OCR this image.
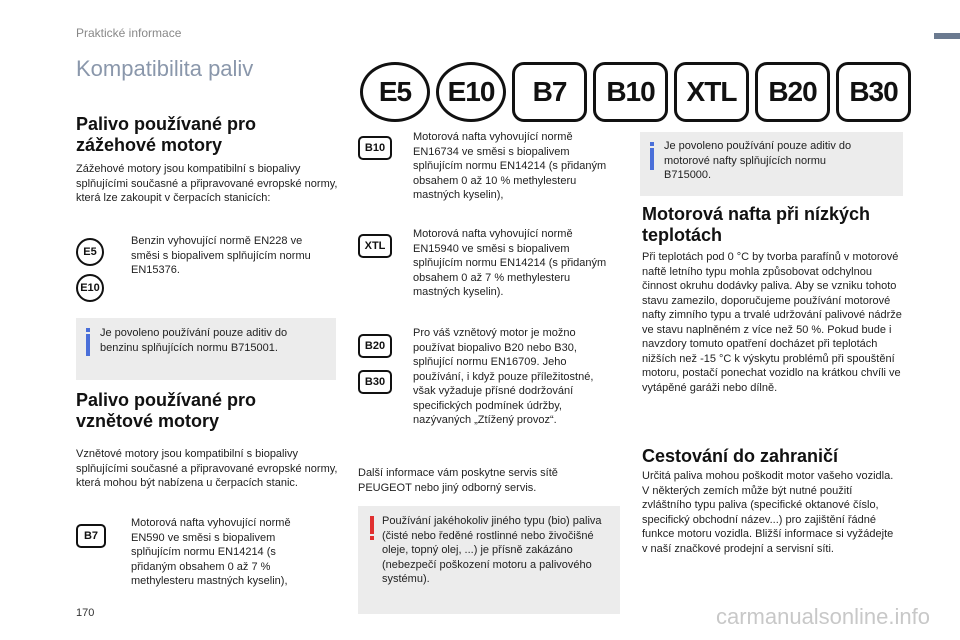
Praktické informace
Kompatibilita paliv
E5	E10	B7	B10	XTL	B20	B30
Palivo používané pro
zážehové motory
Zážehové motory jsou kompatibilní s biopalivy splňujícími současné a připravované evropské normy, která lze zakoupit v čerpacích stanicích:
E5
E10
Benzin vyhovující normě EN228 ve směsi s biopalivem splňujícím normu EN15376.
Je povoleno používání pouze aditiv do benzinu splňujících normu B715001.
Palivo používané pro
vznětové motory
Vznětové motory jsou kompatibilní s biopalivy splňujícími současné a připravované evropské normy, která mohou být nabízena u čerpacích stanic.
B7
Motorová nafta vyhovující normě EN590 ve směsi s biopalivem splňujícím normu EN14214 (s přidaným obsahem 0 až 7 % methylesteru mastných kyselin),
B10
Motorová nafta vyhovující normě EN16734 ve směsi s biopalivem splňujícím normu EN14214 (s přidaným obsahem 0 až 10 % methylesteru mastných kyselin),
XTL
Motorová nafta vyhovující normě EN15940 ve směsi s biopalivem splňujícím normu EN14214 (s přidaným obsahem 0 až 7 % methylesteru mastných kyselin).
B20
B30
Pro váš vznětový motor je možno používat biopalivo B20 nebo B30, splňující normu EN16709. Jeho používání, i když pouze příležitostné, však vyžaduje přísné dodržování specifických podmínek údržby, nazývaných „Ztížený provoz“.
Další informace vám poskytne servis sítě PEUGEOT nebo jiný odborný servis.
Používání jakéhokoliv jiného typu (bio) paliva (čisté nebo ředěné rostlinné nebo živočišné oleje, topný olej, ...) je přísně zakázáno (nebezpečí poškození motoru a palivového systému).
Je povoleno používání pouze aditiv do motorové nafty splňujících normu B715000.
Motorová nafta při nízkých
teplotách
Při teplotách pod 0 °C by tvorba parafínů v motorové naftě letního typu mohla způsobovat odchylnou činnost okruhu dodávky paliva. Aby se vzniku tohoto stavu zamezilo, doporučujeme používání motorové nafty zimního typu a trvalé udržování palivové nádrže ve stavu naplněném z více než 50 %. Pokud bude i navzdory tomuto opatření docházet při teplotách nižších než -15 °C k výskytu problémů při spouštění motoru, postačí ponechat vozidlo na krátkou chvíli ve vytápěné garáži nebo dílně.
Cestování do zahraničí
Určitá paliva mohou poškodit motor vašeho vozidla. V některých zemích může být nutné použití zvláštního typu paliva (specifické oktanové číslo, specifický obchodní název...) pro zajištění řádné funkce motoru vozidla. Bližší informace si vyžádejte v naší značkové prodejní a servisní síti.
170	carmanualsonline.info
